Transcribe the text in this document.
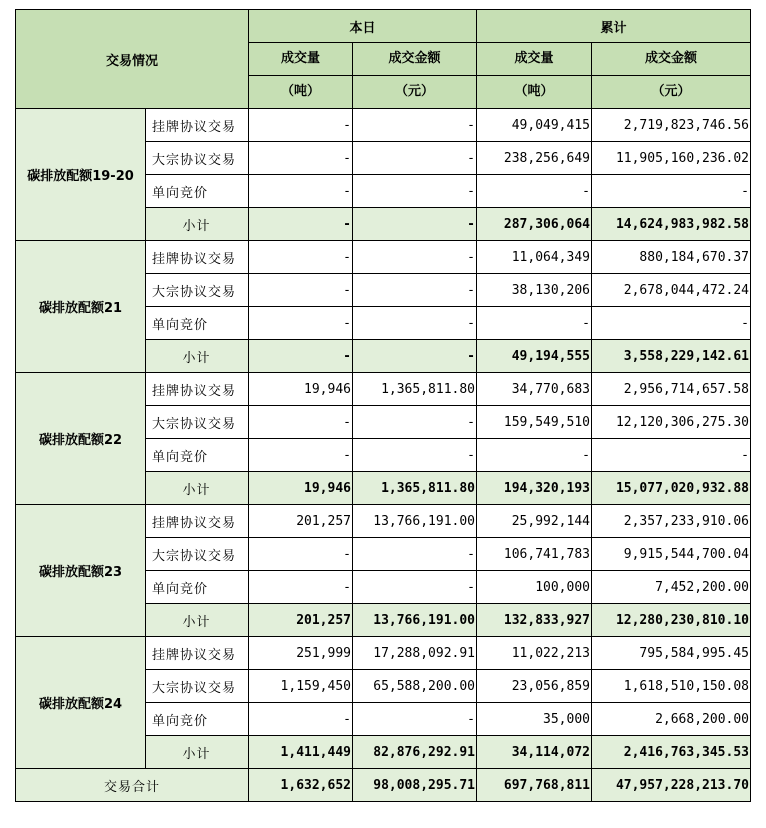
交易情况		本日		累计	
		成交量	成交金额	成交量	成交金额
		（吨）	（元）	（吨）	（元）
碳排放配额19-20	挂牌协议交易	-	-	49,049,415	2,719,823,746.56
	大宗协议交易	-	-	238,256,649	11,905,160,236.02
	单向竞价	-	-	-	-
	小计	-	-	287,306,064	14,624,983,982.58
碳排放配额21	挂牌协议交易	-	-	11,064,349	880,184,670.37
	大宗协议交易	-	-	38,130,206	2,678,044,472.24
	单向竞价	-	-	-	-
	小计	-	-	49,194,555	3,558,229,142.61
碳排放配额22	挂牌协议交易	19,946	1,365,811.80	34,770,683	2,956,714,657.58
	大宗协议交易	-	-	159,549,510	12,120,306,275.30
	单向竞价	-	-	-	-
	小计	19,946	1,365,811.80	194,320,193	15,077,020,932.88
碳排放配额23	挂牌协议交易	201,257	13,766,191.00	25,992,144	2,357,233,910.06
	大宗协议交易	-	-	106,741,783	9,915,544,700.04
	单向竞价	-	-	100,000	7,452,200.00
	小计	201,257	13,766,191.00	132,833,927	12,280,230,810.10
碳排放配额24	挂牌协议交易	251,999	17,288,092.91	11,022,213	795,584,995.45
	大宗协议交易	1,159,450	65,588,200.00	23,056,859	1,618,510,150.08
	单向竞价	-	-	35,000	2,668,200.00
	小计	1,411,449	82,876,292.91	34,114,072	2,416,763,345.53
交易合计		1,632,652	98,008,295.71	697,768,811	47,957,228,213.70
